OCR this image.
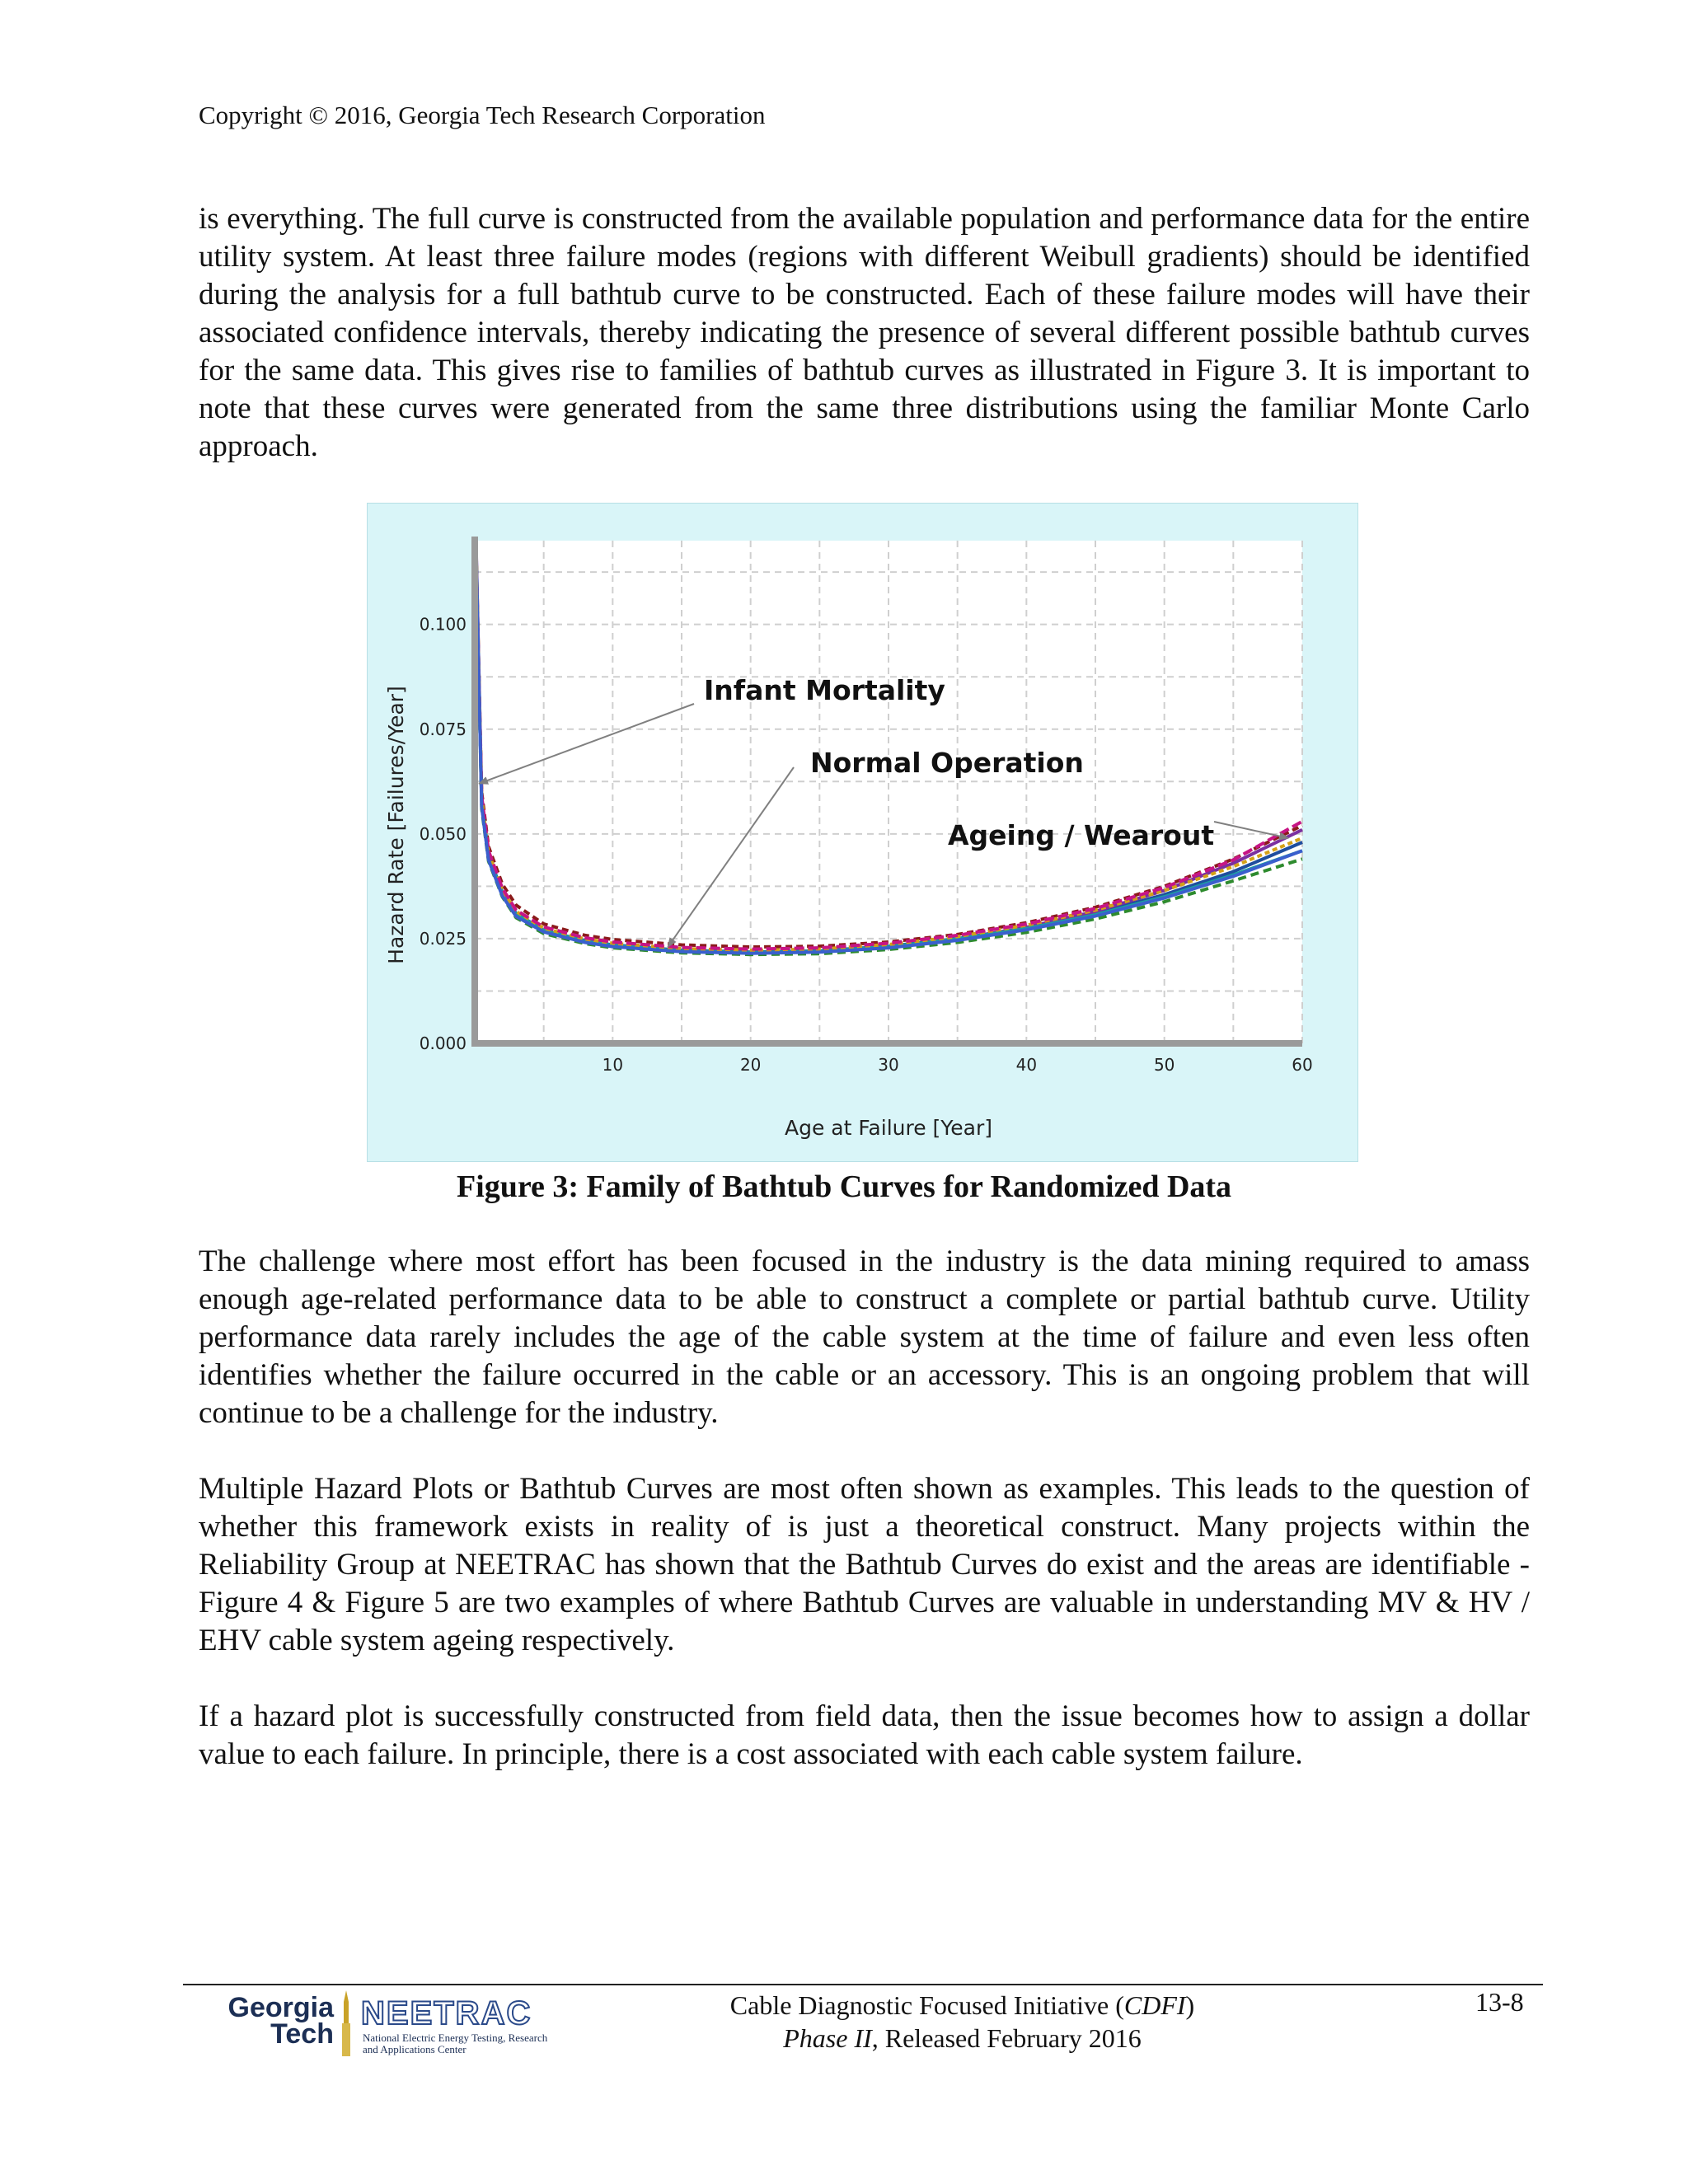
Copyright © 2016, Georgia Tech Research Corporation

is everything. The full curve is constructed from the available population and performance data for the entire utility system. At least three failure modes (regions with different Weibull gradients) should be identified during the analysis for a full bathtub curve to be constructed. Each of these failure modes will have their associated confidence intervals, thereby indicating the presence of several different possible bathtub curves for the same data. This gives rise to families of bathtub curves as illustrated in Figure 3. It is important to note that these curves were generated from the same three distributions using the familiar Monte Carlo approach.

10	20	30	40	50	60
0.000
0.025
0.050
0.075
0.100
Infant Mortality
Normal Operation
Ageing / Wearout
Age at Failure [Year]
Hazard Rate [Failures/Year]
Figure 3: Family of Bathtub Curves for Randomized Data

The challenge where most effort has been focused in the industry is the data mining required to amass enough age-related performance data to be able to construct a complete or partial bathtub curve. Utility performance data rarely includes the age of the cable system at the time of failure and even less often identifies whether the failure occurred in the cable or an accessory. This is an ongoing problem that will continue to be a challenge for the industry.

Multiple Hazard Plots or Bathtub Curves are most often shown as examples. This leads to the question of whether this framework exists in reality of is just a theoretical construct. Many projects within the Reliability Group at NEETRAC has shown that the Bathtub Curves do exist and the areas are identifiable - Figure 4 & Figure 5 are two examples of where Bathtub Curves are valuable in understanding MV & HV / EHV cable system ageing respectively.

If a hazard plot is successfully constructed from field data, then the issue becomes how to assign a dollar value to each failure. In principle, there is a cost associated with each cable system failure.

Georgia
Tech
NEETRAC
National Electric Energy Testing, Research
and Applications Center
Cable Diagnostic Focused Initiative (CDFI)
Phase II, Released February 2016
13-8
